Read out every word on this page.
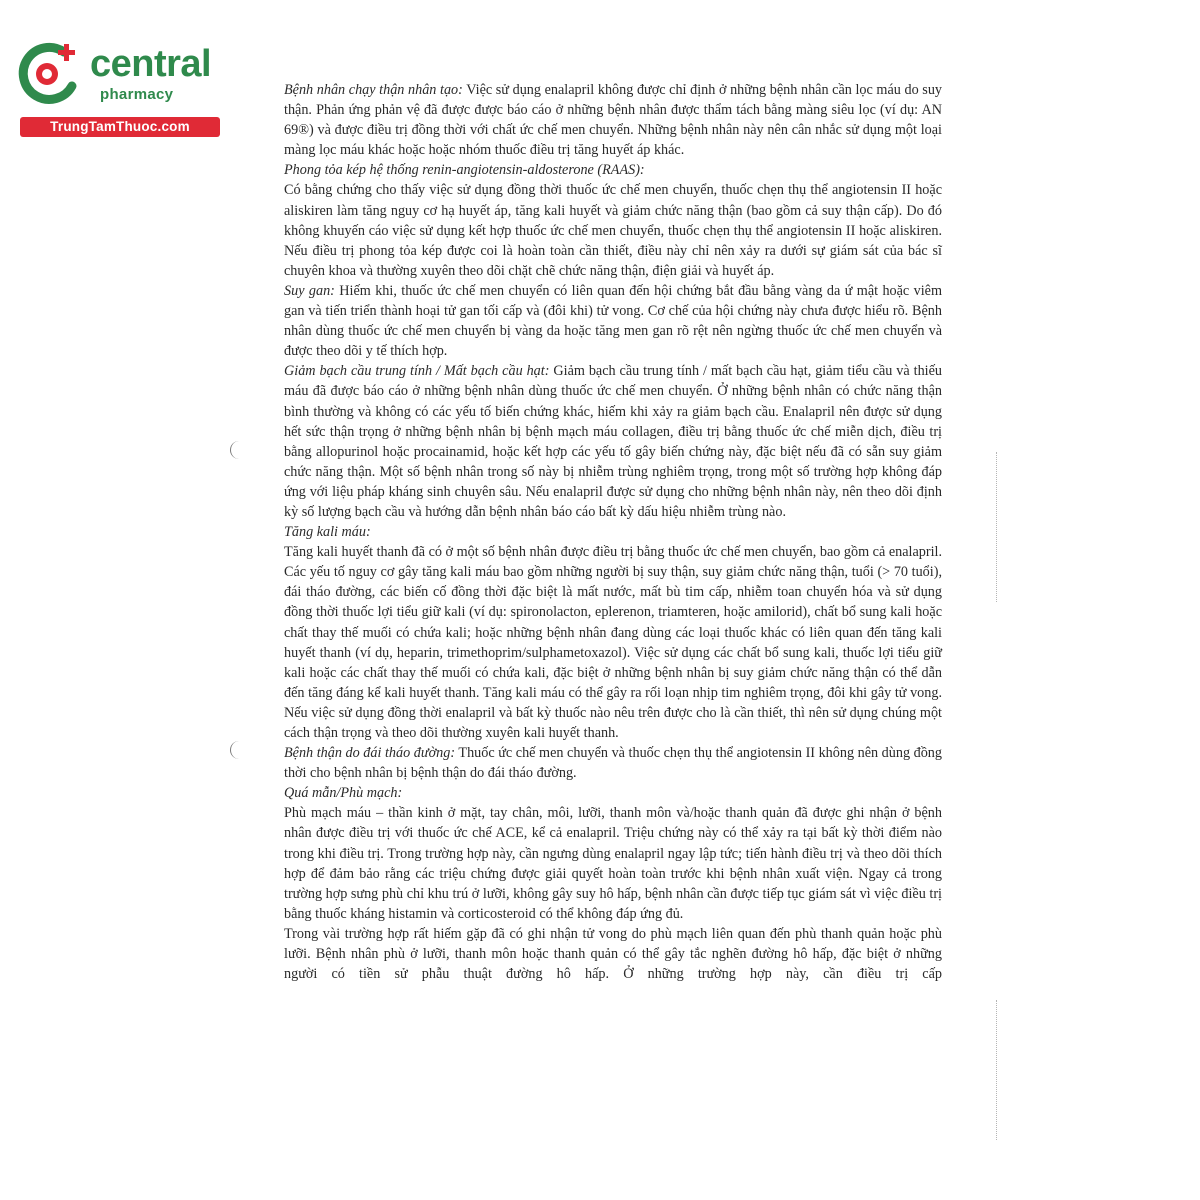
central
pharmacy
TrungTamThuoc.com

Bệnh nhân chạy thận nhân tạo: Việc sử dụng enalapril không được chỉ định ở những bệnh nhân cần lọc máu do suy thận. Phản ứng phản vệ đã được được báo cáo ở những bệnh nhân được thẩm tách bằng màng siêu lọc (ví dụ: AN 69®) và được điều trị đồng thời với chất ức chế men chuyển. Những bệnh nhân này nên cân nhắc sử dụng một loại màng lọc máu khác hoặc hoặc nhóm thuốc điều trị tăng huyết áp khác.

Phong tỏa kép hệ thống renin-angiotensin-aldosterone (RAAS):

Có bằng chứng cho thấy việc sử dụng đồng thời thuốc ức chế men chuyển, thuốc chẹn thụ thể angiotensin II hoặc aliskiren làm tăng nguy cơ hạ huyết áp, tăng kali huyết và giảm chức năng thận (bao gồm cả suy thận cấp). Do đó không khuyến cáo việc sử dụng kết hợp thuốc ức chế men chuyển, thuốc chẹn thụ thể angiotensin II hoặc aliskiren. Nếu điều trị phong tỏa kép được coi là hoàn toàn cần thiết, điều này chỉ nên xảy ra dưới sự giám sát của bác sĩ chuyên khoa và thường xuyên theo dõi chặt chẽ chức năng thận, điện giải và huyết áp.

Suy gan: Hiếm khi, thuốc ức chế men chuyển có liên quan đến hội chứng bắt đầu bằng vàng da ứ mật hoặc viêm gan và tiến triển thành hoại tử gan tối cấp và (đôi khi) tử vong. Cơ chế của hội chứng này chưa được hiểu rõ. Bệnh nhân dùng thuốc ức chế men chuyển bị vàng da hoặc tăng men gan rõ rệt nên ngừng thuốc ức chế men chuyển và được theo dõi y tế thích hợp.

Giảm bạch cầu trung tính / Mất bạch cầu hạt: Giảm bạch cầu trung tính / mất bạch cầu hạt, giảm tiểu cầu và thiếu máu đã được báo cáo ở những bệnh nhân dùng thuốc ức chế men chuyển. Ở những bệnh nhân có chức năng thận bình thường và không có các yếu tố biến chứng khác, hiếm khi xảy ra giảm bạch cầu. Enalapril nên được sử dụng hết sức thận trọng ở những bệnh nhân bị bệnh mạch máu collagen, điều trị bằng thuốc ức chế miễn dịch, điều trị bằng allopurinol hoặc procainamid, hoặc kết hợp các yếu tố gây biến chứng này, đặc biệt nếu đã có sẵn suy giảm chức năng thận. Một số bệnh nhân trong số này bị nhiễm trùng nghiêm trọng, trong một số trường hợp không đáp ứng với liệu pháp kháng sinh chuyên sâu. Nếu enalapril được sử dụng cho những bệnh nhân này, nên theo dõi định kỳ số lượng bạch cầu và hướng dẫn bệnh nhân báo cáo bất kỳ dấu hiệu nhiễm trùng nào.

Tăng kali máu:

Tăng kali huyết thanh đã có ở một số bệnh nhân được điều trị bằng thuốc ức chế men chuyển, bao gồm cả enalapril. Các yếu tố nguy cơ gây tăng kali máu bao gồm những người bị suy thận, suy giảm chức năng thận, tuổi (> 70 tuổi), đái tháo đường, các biến cố đồng thời đặc biệt là mất nước, mất bù tim cấp, nhiễm toan chuyển hóa và sử dụng đồng thời thuốc lợi tiểu giữ kali (ví dụ: spironolacton, eplerenon, triamteren, hoặc amilorid), chất bổ sung kali hoặc chất thay thế muối có chứa kali; hoặc những bệnh nhân đang dùng các loại thuốc khác có liên quan đến tăng kali huyết thanh (ví dụ, heparin, trimethoprim/sulphametoxazol). Việc sử dụng các chất bổ sung kali, thuốc lợi tiểu giữ kali hoặc các chất thay thế muối có chứa kali, đặc biệt ở những bệnh nhân bị suy giảm chức năng thận có thể dẫn đến tăng đáng kể kali huyết thanh. Tăng kali máu có thể gây ra rối loạn nhịp tim nghiêm trọng, đôi khi gây tử vong. Nếu việc sử dụng đồng thời enalapril và bất kỳ thuốc nào nêu trên được cho là cần thiết, thì nên sử dụng chúng một cách thận trọng và theo dõi thường xuyên kali huyết thanh.

Bệnh thận do đái tháo đường: Thuốc ức chế men chuyển và thuốc chẹn thụ thể angiotensin II không nên dùng đồng thời cho bệnh nhân bị bệnh thận do đái tháo đường.

Quá mẫn/Phù mạch:

Phù mạch máu – thần kinh ở mặt, tay chân, môi, lưỡi, thanh môn và/hoặc thanh quản đã được ghi nhận ở bệnh nhân được điều trị với thuốc ức chế ACE, kể cả enalapril. Triệu chứng này có thể xảy ra tại bất kỳ thời điểm nào trong khi điều trị. Trong trường hợp này, cần ngưng dùng enalapril ngay lập tức; tiến hành điều trị và theo dõi thích hợp để đảm bảo rằng các triệu chứng được giải quyết hoàn toàn trước khi bệnh nhân xuất viện. Ngay cả trong trường hợp sưng phù chỉ khu trú ở lưỡi, không gây suy hô hấp, bệnh nhân cần được tiếp tục giám sát vì việc điều trị bằng thuốc kháng histamin và corticosteroid có thể không đáp ứng đủ.

Trong vài trường hợp rất hiếm gặp đã có ghi nhận tử vong do phù mạch liên quan đến phù thanh quản hoặc phù lưỡi. Bệnh nhân phù ở lưỡi, thanh môn hoặc thanh quản có thể gây tắc nghẽn đường hô hấp, đặc biệt ở những người có tiền sử phẫu thuật đường hô hấp. Ở những trường hợp này, cần điều trị cấp
